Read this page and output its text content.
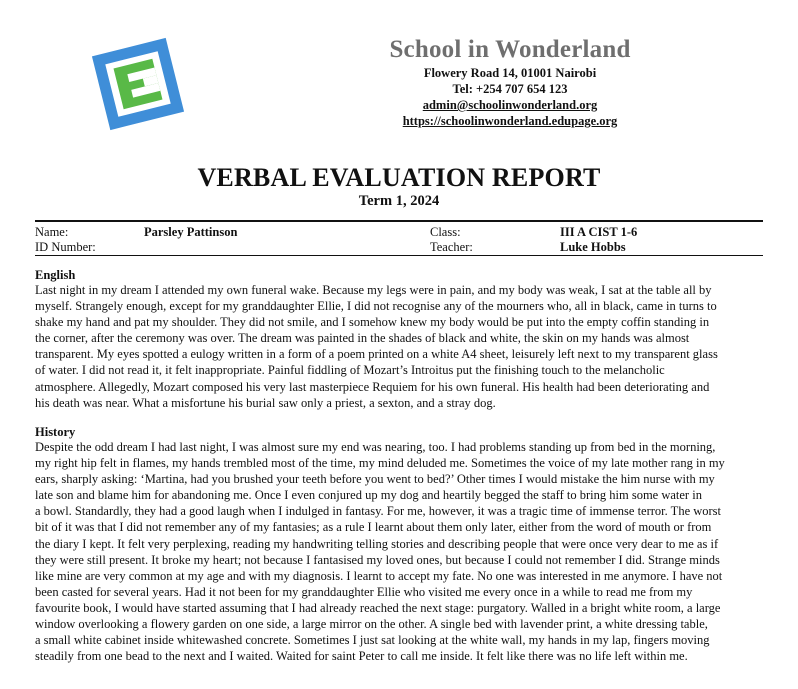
School in Wonderland
Flowery Road 14, 01001 Nairobi
Tel: +254 707 654 123
admin@schoolinwonderland.org
https://schoolinwonderland.edupage.org
VERBAL EVALUATION REPORT
Term 1, 2024
Name:	Parsley Pattinson
ID Number:
Class:	III A CIST 1-6
Teacher:	Luke Hobbs
English
Last night in my dream I attended my own funeral wake. Because my legs were in pain, and my body was weak, I sat at the table all by
myself. Strangely enough, except for my granddaughter Ellie, I did not recognise any of the mourners who, all in black, came in turns to
shake my hand and pat my shoulder. They did not smile, and I somehow knew my body would be put into the empty coffin standing in
the corner, after the ceremony was over. The dream was painted in the shades of black and white, the skin on my hands was almost
transparent. My eyes spotted a eulogy written in a form of a poem printed on a white A4 sheet, leisurely left next to my transparent glass
of water. I did not read it, it felt inappropriate. Painful fiddling of Mozart’s Introitus put the finishing touch to the melancholic
atmosphere. Allegedly, Mozart composed his very last masterpiece Requiem for his own funeral. His health had been deteriorating and
his death was near. What a misfortune his burial saw only a priest, a sexton, and a stray dog.
History
Despite the odd dream I had last night, I was almost sure my end was nearing, too. I had problems standing up from bed in the morning,
my right hip felt in flames, my hands trembled most of the time, my mind deluded me. Sometimes the voice of my late mother rang in my
ears, sharply asking: ‘Martina, had you brushed your teeth before you went to bed?’ Other times I would mistake the him nurse with my
late son and blame him for abandoning me. Once I even conjured up my dog and heartily begged the staff to bring him some water in
a bowl. Standardly, they had a good laugh when I indulged in fantasy. For me, however, it was a tragic time of immense terror. The worst
bit of it was that I did not remember any of my fantasies; as a rule I learnt about them only later, either from the word of mouth or from
the diary I kept. It felt very perplexing, reading my handwriting telling stories and describing people that were once very dear to me as if
they were still present. It broke my heart; not because I fantasised my loved ones, but because I could not remember I did. Strange minds
like mine are very common at my age and with my diagnosis. I learnt to accept my fate. No one was interested in me anymore. I have not
been casted for several years. Had it not been for my granddaughter Ellie who visited me every once in a while to read me from my
favourite book, I would have started assuming that I had already reached the next stage: purgatory. Walled in a bright white room, a large
window overlooking a flowery garden on one side, a large mirror on the other. A single bed with lavender print, a white dressing table,
a small white cabinet inside whitewashed concrete. Sometimes I just sat looking at the white wall, my hands in my lap, fingers moving
steadily from one bead to the next and I waited. Waited for saint Peter to call me inside. It felt like there was no life left within me.
